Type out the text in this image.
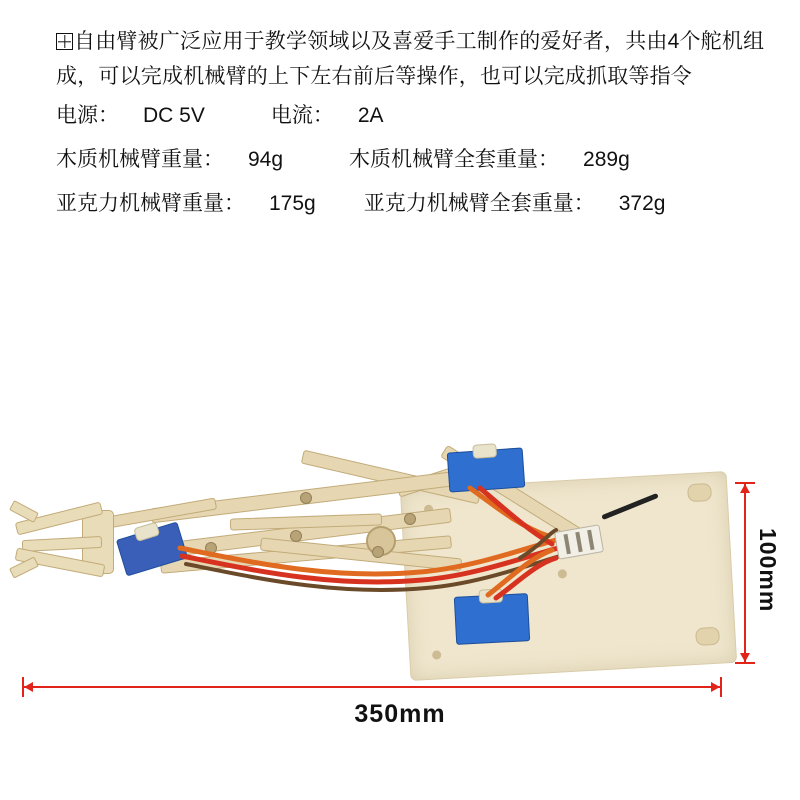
自由臂被广泛应用于教学领域以及喜爱手工制作的爱好者，共由4个舵机组成，可以完成机械臂的上下左右前后等操作，也可以完成抓取等指令

电源： DC 5V	电流： 2A

木质机械臂重量： 94g	木质机械臂全套重量： 289g

亚克力机械臂重量： 175g 亚克力机械臂全套重量： 372g

100mm
350mm
